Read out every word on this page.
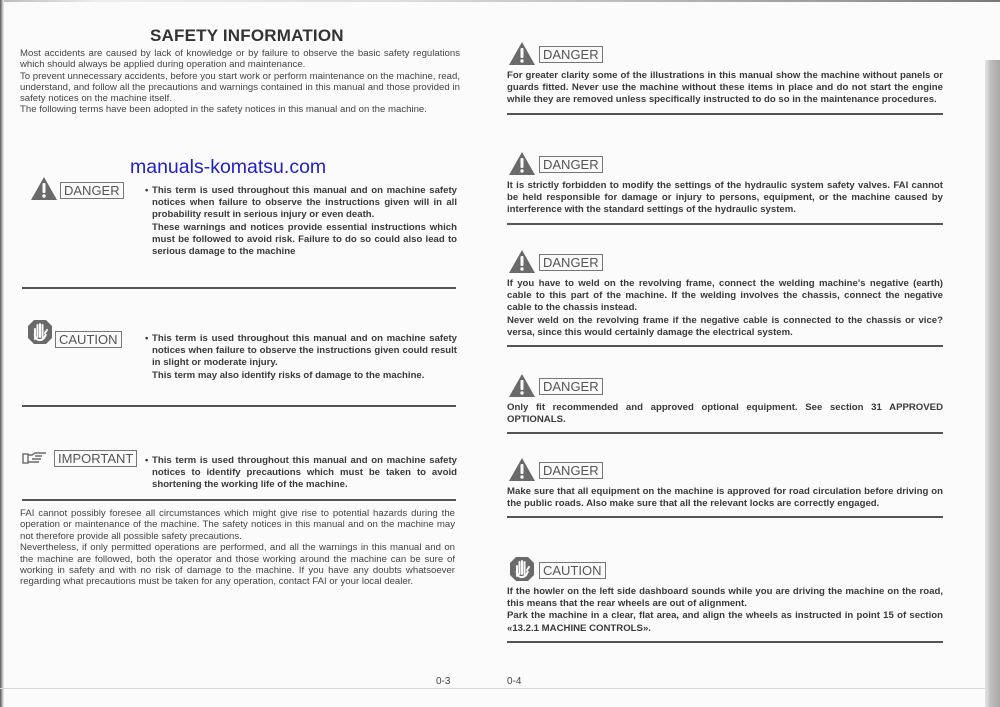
SAFETY INFORMATION

Most accidents are caused by lack of knowledge or by failure to observe the basic safety regulations which should always be applied during operation and maintenance.

To prevent unnecessary accidents, before you start work or perform maintenance on the machine, read, understand, and follow all the precautions and warnings contained in this manual and those provided in safety notices on the machine itself.

The following terms have been adopted in the safety notices in this manual and on the machine.

manuals-komatsu.com
DANGER	• This term is used throughout this manual and on machine safety notices when failure to observe the instructions given will in all probability result in serious injury or even death.

These warnings and notices provide essential instructions which must be followed to avoid risk. Failure to do so could also lead to serious damage to the machine

CAUTION	• This term is used throughout this manual and on machine safety notices when failure to observe the instructions given could result in slight or moderate injury.

This term may also identify risks of damage to the machine.

IMPORTANT	• This term is used throughout this manual and on machine safety notices to identify precautions which must be taken to avoid shortening the working life of the machine.

FAI cannot possibly foresee all circumstances which might give rise to potential hazards during the operation or maintenance of the machine. The safety notices in this manual and on the machine may not therefore provide all possible safety precautions.

Nevertheless, if only permitted operations are performed, and all the warnings in this manual and on the machine are followed, both the operator and those working around the machine can be sure of working in safety and with no risk of damage to the machine. If you have any doubts whatsoever regarding what precautions must be taken for any operation, contact FAI or your local dealer.

0-3
DANGER

For greater clarity some of the illustrations in this manual show the machine without panels or guards fitted. Never use the machine without these items in place and do not start the engine while they are removed unless specifically instructed to do so in the maintenance procedures.

DANGER

It is strictly forbidden to modify the settings of the hydraulic system safety valves. FAI cannot be held responsible for damage or injury to persons, equipment, or the machine caused by interference with the standard settings of the hydraulic system.

DANGER

If you have to weld on the revolving frame, connect the welding machine's negative (earth) cable to this part of the machine. If the welding involves the chassis, connect the negative cable to the chassis instead.

Never weld on the revolving frame if the negative cable is connected to the chassis or vice?versa, since this would certainly damage the electrical system.

DANGER

Only fit recommended and approved optional equipment. See section 31 APPROVED OPTIONALS.

DANGER

Make sure that all equipment on the machine is approved for road circulation before driving on the public roads. Also make sure that all the relevant locks are correctly engaged.

CAUTION

If the howler on the left side dashboard sounds while you are driving the machine on the road, this means that the rear wheels are out of alignment.

Park the machine in a clear, flat area, and align the wheels as instructed in point 15 of section «13.2.1 MACHINE CONTROLS».

0-4
